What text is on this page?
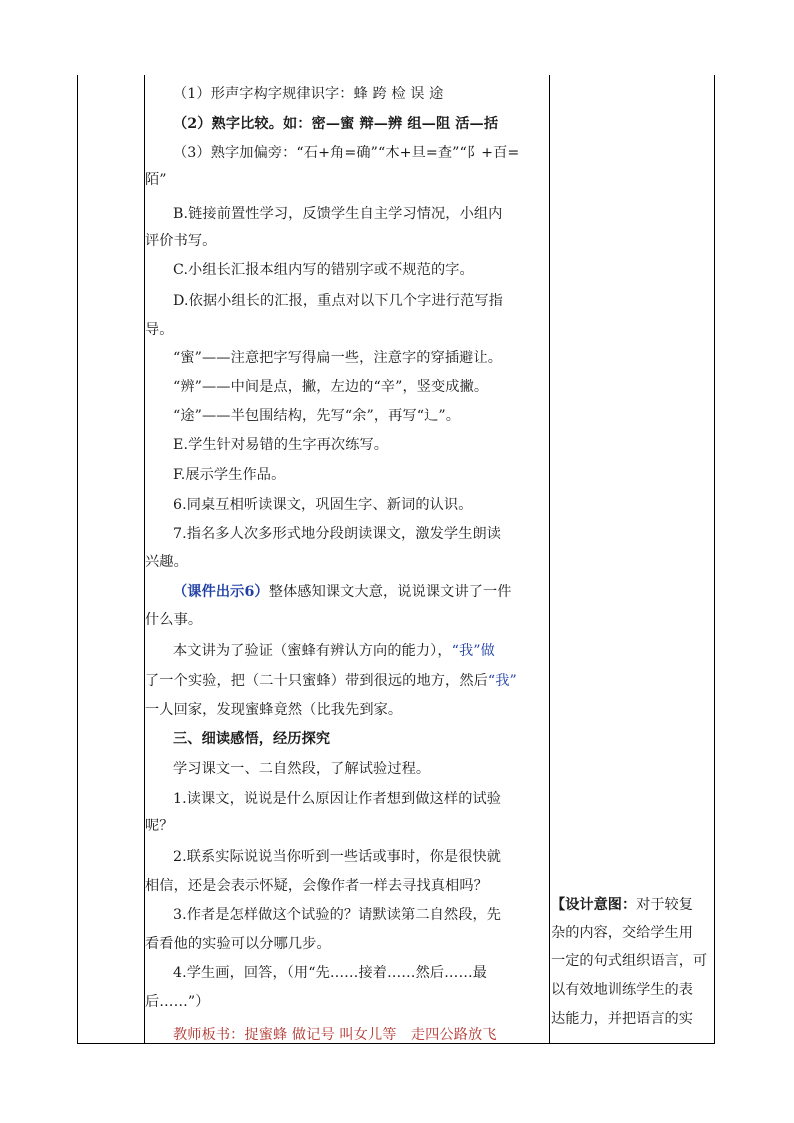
（1）形声字构字规律识字：蜂 跨 检 误 途
（2）熟字比较。如：密—蜜 辩—辨 组—阻 活—括
（3）熟字加偏旁：“石+角=确”“木+旦=查”“阝+百=
陌”
B.链接前置性学习，反馈学生自主学习情况，小组内
评价书写。
C.小组长汇报本组内写的错别字或不规范的字。
D.依据小组长的汇报，重点对以下几个字进行范写指
导。
“蜜”——注意把字写得扁一些，注意字的穿插避让。
“辨”——中间是点，撇，左边的“辛”，竖变成撇。
“途”——半包围结构，先写“余”，再写“辶”。
E.学生针对易错的生字再次练写。
F.展示学生作品。
6.同桌互相听读课文，巩固生字、新词的认识。
7.指名多人次多形式地分段朗读课文，激发学生朗读
兴趣。
（课件出示6）整体感知课文大意，说说课文讲了一件
什么事。
本文讲为了验证（蜜蜂有辨认方向的能力），“我”做
了一个实验，把（二十只蜜蜂）带到很远的地方，然后“我”
一人回家，发现蜜蜂竟然（比我先到家。
三、细读感悟，经历探究
学习课文一、二自然段，了解试验过程。
1.读课文，说说是什么原因让作者想到做这样的试验
呢？
2.联系实际说说当你听到一些话或事时，你是很快就
相信，还是会表示怀疑，会像作者一样去寻找真相吗？
3.作者是怎样做这个试验的？请默读第二自然段，先
看看他的实验可以分哪几步。
4.学生画，回答，（用“先……接着……然后……最
后……”）
教师板书：捉蜜蜂 做记号 叫女儿等　走四公路放飞
【设计意图：对于较复
杂的内容，交给学生用
一定的句式组织语言，可
以有效地训练学生的表
达能力，并把语言的实
